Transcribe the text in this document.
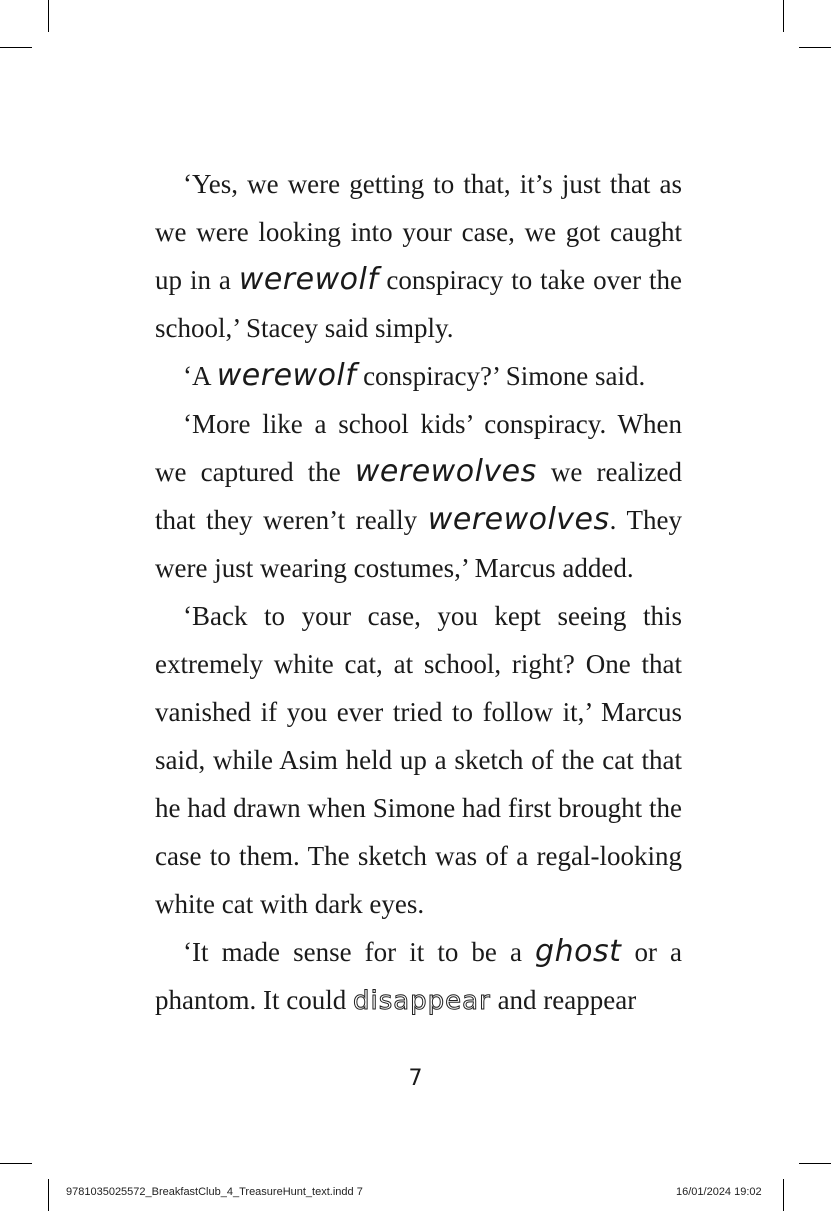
‘Yes, we were getting to that, it’s just that as we were looking into your case, we got caught up in a werewolf conspiracy to take over the school,’ Stacey said simply.

‘A werewolf conspiracy?’ Simone said.

‘More like a school kids’ conspiracy. When we captured the werewolves we realized that they weren’t really werewolves. They were just wearing costumes,’ Marcus added.

‘Back to your case, you kept seeing this extremely white cat, at school, right? One that vanished if you ever tried to follow it,’ Marcus said, while Asim held up a sketch of the cat that he had drawn when Simone had first brought the case to them. The sketch was of a regal-looking white cat with dark eyes.

‘It made sense for it to be a ghost or a phantom. It could disappear and reappear

7
9781035025572_BreakfastClub_4_TreasureHunt_text.indd 7	16/01/2024 19:02
